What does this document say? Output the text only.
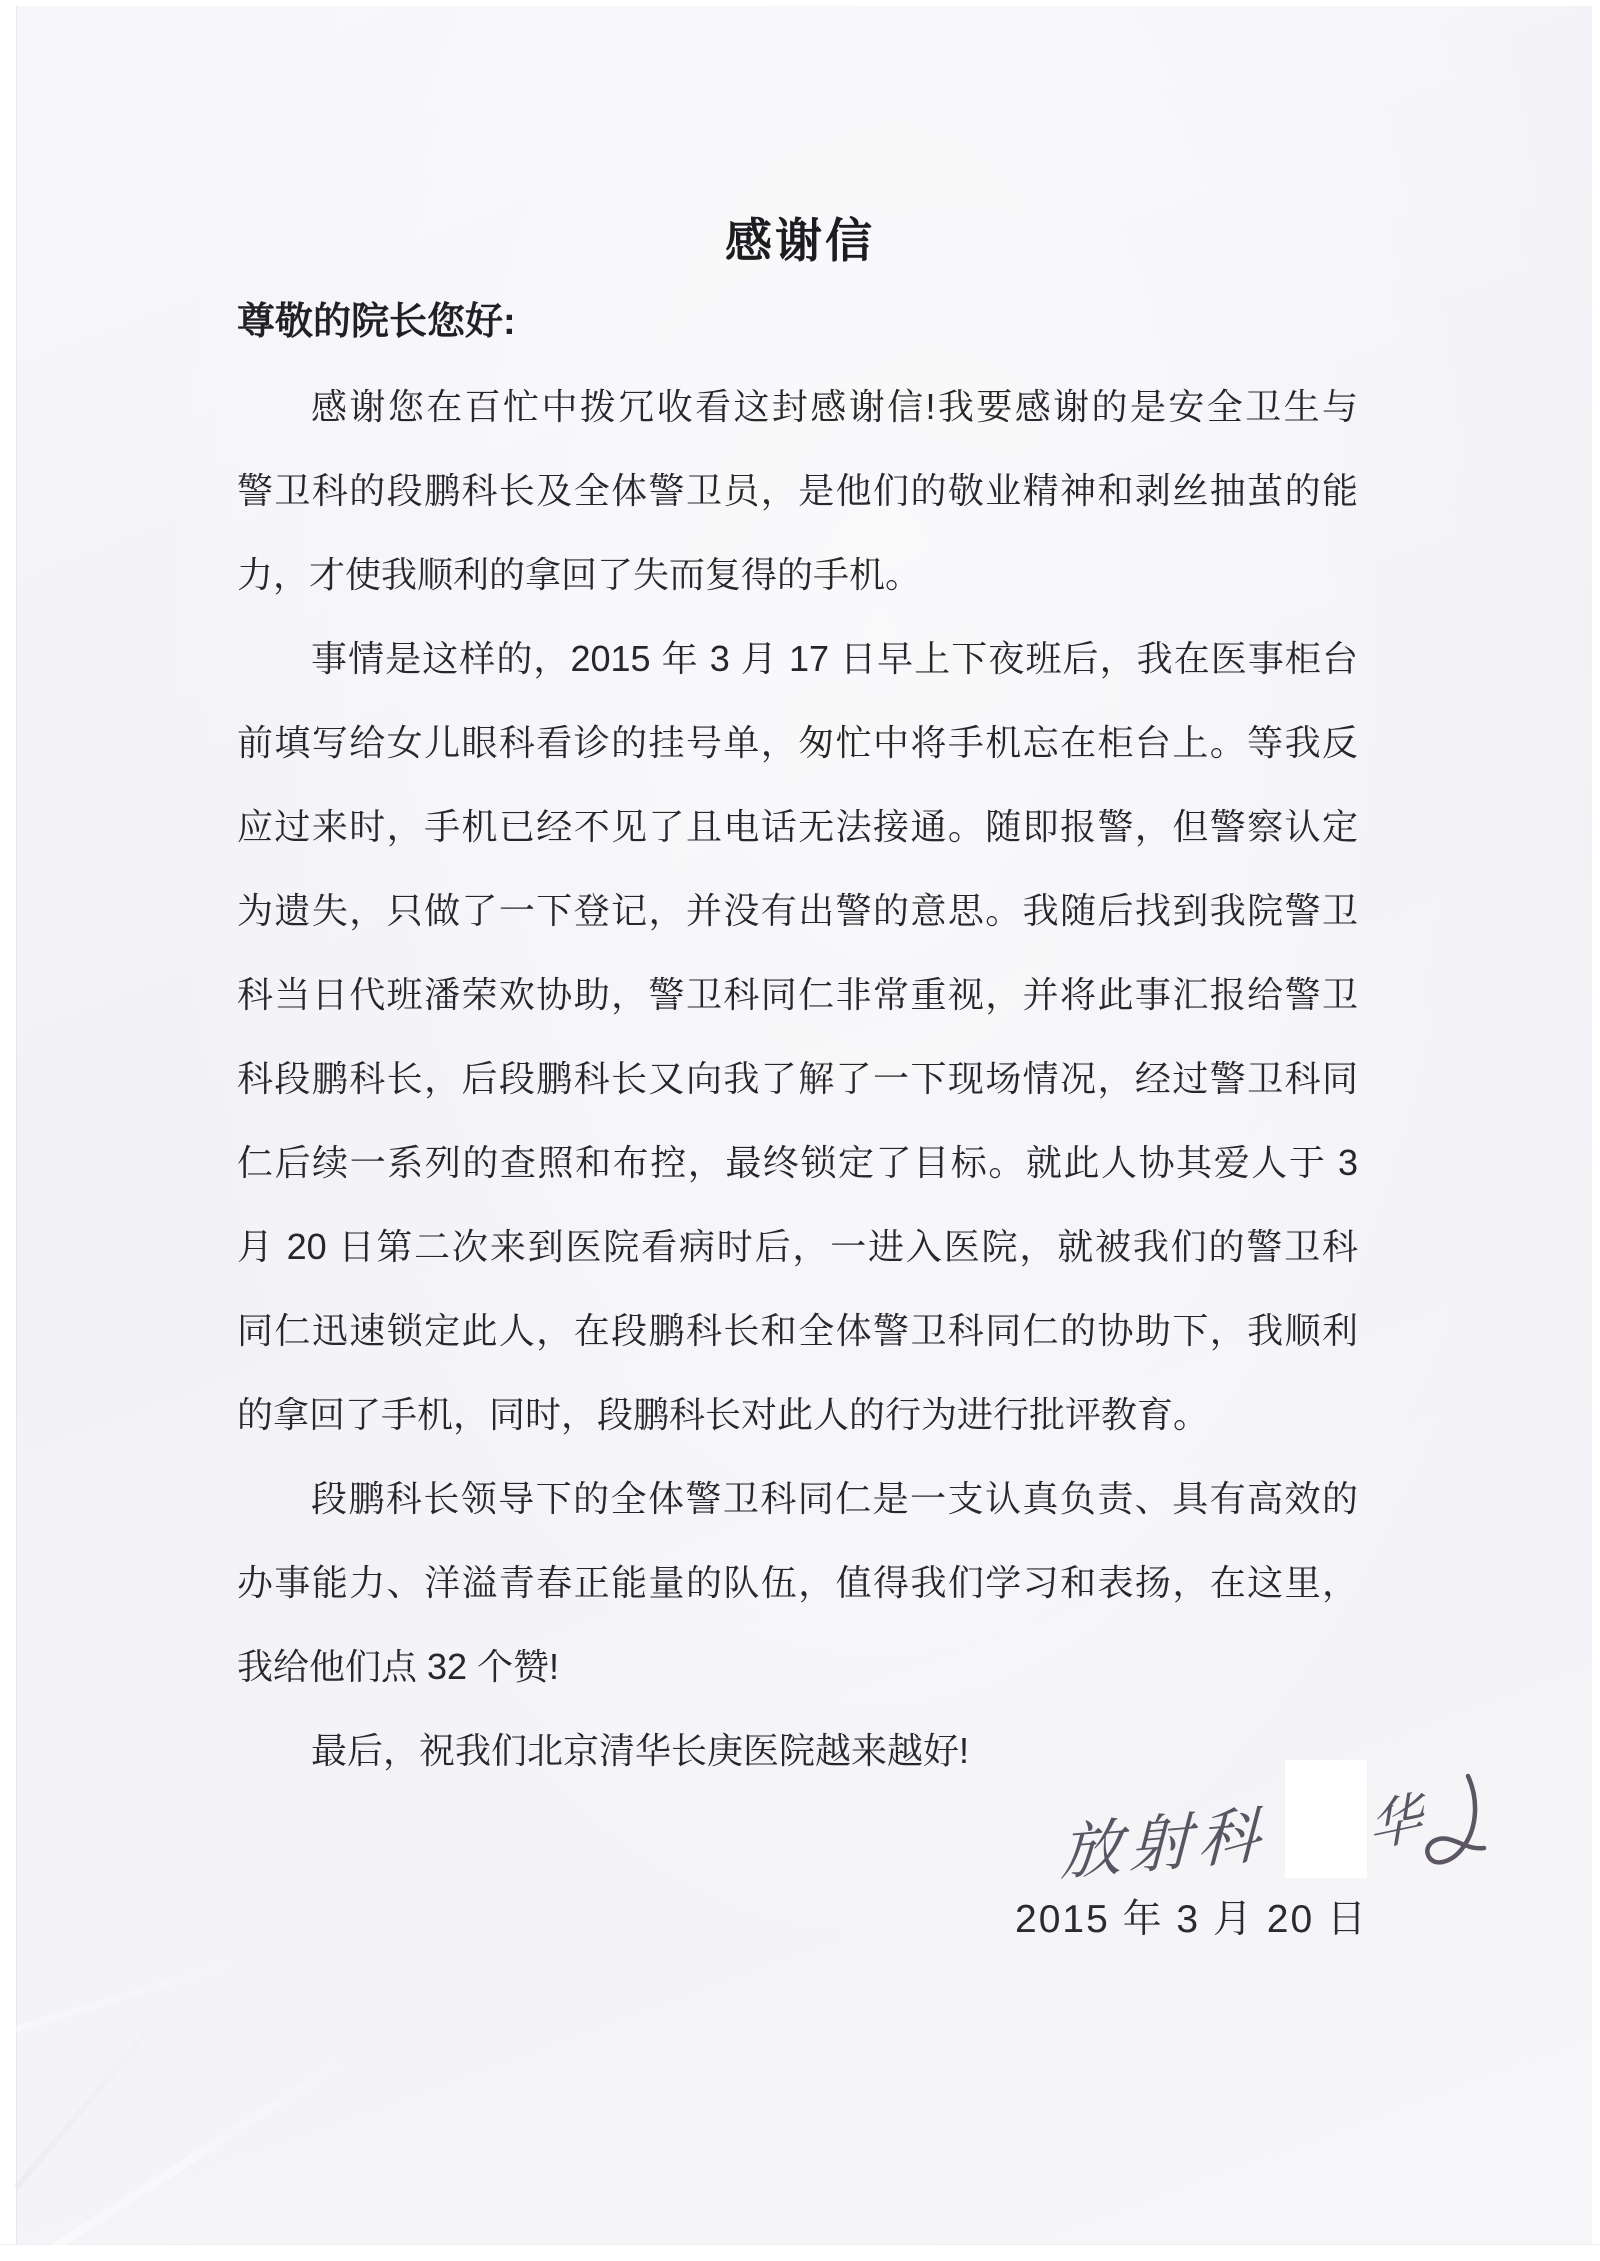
感谢信
尊敬的院长您好:
感谢您在百忙中拨冗收看这封感谢信!我要感谢的是安全卫生与
警卫科的段鹏科长及全体警卫员，是他们的敬业精神和剥丝抽茧的能
力，才使我顺利的拿回了失而复得的手机。
事情是这样的，2015 年 3 月 17 日早上下夜班后，我在医事柜台
前填写给女儿眼科看诊的挂号单，匆忙中将手机忘在柜台上。等我反
应过来时，手机已经不见了且电话无法接通。随即报警，但警察认定
为遗失，只做了一下登记，并没有出警的意思。我随后找到我院警卫
科当日代班潘荣欢协助，警卫科同仁非常重视，并将此事汇报给警卫
科段鹏科长，后段鹏科长又向我了解了一下现场情况，经过警卫科同
仁后续一系列的查照和布控，最终锁定了目标。就此人协其爱人于 3
月 20 日第二次来到医院看病时后，一进入医院，就被我们的警卫科
同仁迅速锁定此人，在段鹏科长和全体警卫科同仁的协助下，我顺利
的拿回了手机，同时，段鹏科长对此人的行为进行批评教育。
段鹏科长领导下的全体警卫科同仁是一支认真负责、具有高效的
办事能力、洋溢青春正能量的队伍，值得我们学习和表扬，在这里，
我给他们点 32 个赞!
最后，祝我们北京清华长庚医院越来越好!
放射科 华
2015 年 3 月 20 日
